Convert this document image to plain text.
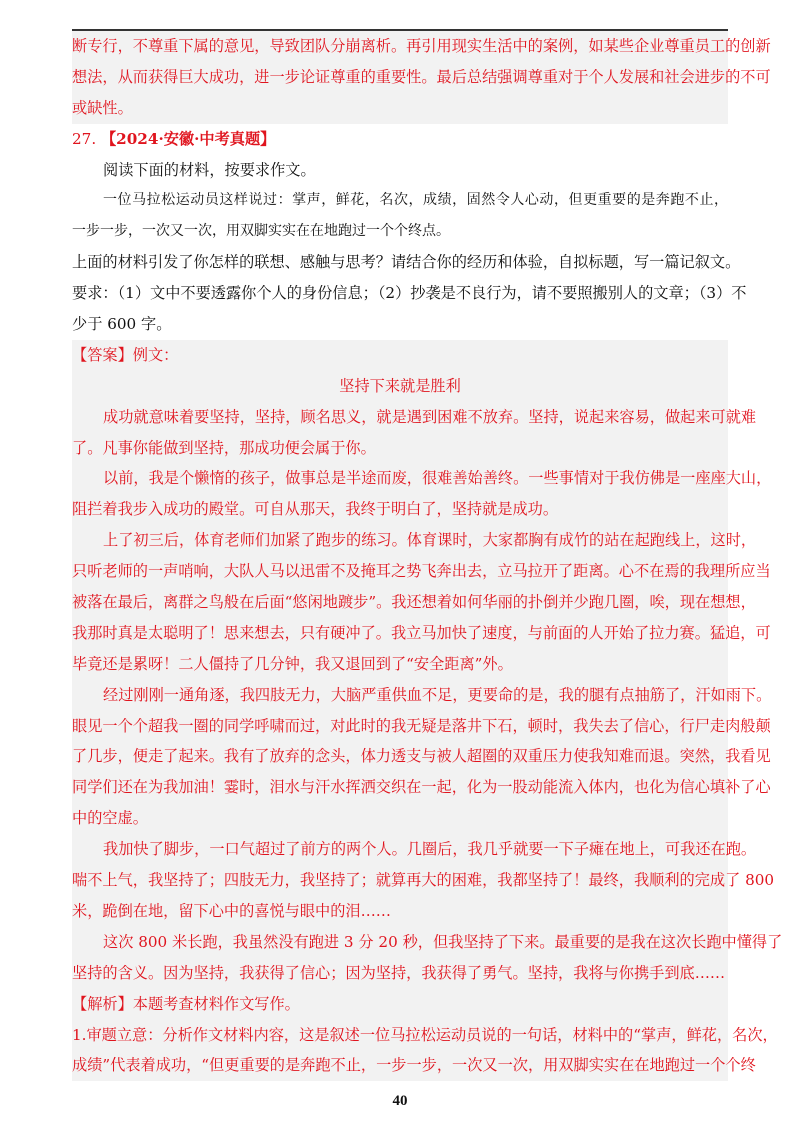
断专行，不尊重下属的意见，导致团队分崩离析。再引用现实生活中的案例，如某些企业尊重员工的创新
想法，从而获得巨大成功，进一步论证尊重的重要性。最后总结强调尊重对于个人发展和社会进步的不可
或缺性。
27. 【2024·安徽·中考真题】
阅读下面的材料，按要求作文。
一位马拉松运动员这样说过：掌声，鲜花，名次，成绩，固然令人心动，但更重要的是奔跑不止，
一步一步，一次又一次，用双脚实实在在地跑过一个个终点。
上面的材料引发了你怎样的联想、感触与思考？请结合你的经历和体验，自拟标题，写一篇记叙文。
要求：（1）文中不要透露你个人的身份信息；（2）抄袭是不良行为，请不要照搬别人的文章；（3）不
少于 600 字。
【答案】例文：
坚持下来就是胜利
成功就意味着要坚持，坚持，顾名思义，就是遇到困难不放弃。坚持，说起来容易，做起来可就难
了。凡事你能做到坚持，那成功便会属于你。
以前，我是个懒惰的孩子，做事总是半途而废，很难善始善终。一些事情对于我仿佛是一座座大山，
阻拦着我步入成功的殿堂。可自从那天，我终于明白了，坚持就是成功。
上了初三后，体育老师们加紧了跑步的练习。体育课时，大家都胸有成竹的站在起跑线上，这时，
只听老师的一声哨响，大队人马以迅雷不及掩耳之势飞奔出去，立马拉开了距离。心不在焉的我理所应当
被落在最后，离群之鸟般在后面“悠闲地踱步”。我还想着如何华丽的扑倒并少跑几圈，唉，现在想想，
我那时真是太聪明了！思来想去，只有硬冲了。我立马加快了速度，与前面的人开始了拉力赛。猛追，可
毕竟还是累呀！二人僵持了几分钟，我又退回到了“安全距离”外。
经过刚刚一通角逐，我四肢无力，大脑严重供血不足，更要命的是，我的腿有点抽筋了，汗如雨下。
眼见一个个超我一圈的同学呼啸而过，对此时的我无疑是落井下石，顿时，我失去了信心，行尸走肉般颠
了几步，便走了起来。我有了放弃的念头，体力透支与被人超圈的双重压力使我知难而退。突然，我看见
同学们还在为我加油！霎时，泪水与汗水挥洒交织在一起，化为一股动能流入体内，也化为信心填补了心
中的空虚。
我加快了脚步，一口气超过了前方的两个人。几圈后，我几乎就要一下子瘫在地上，可我还在跑。
喘不上气，我坚持了；四肢无力，我坚持了；就算再大的困难，我都坚持了！最终，我顺利的完成了 800
米，跪倒在地，留下心中的喜悦与眼中的泪……
这次 800 米长跑，我虽然没有跑进 3 分 20 秒，但我坚持了下来。最重要的是我在这次长跑中懂得了
坚持的含义。因为坚持，我获得了信心；因为坚持，我获得了勇气。坚持，我将与你携手到底……
【解析】本题考查材料作文写作。
1.审题立意：分析作文材料内容，这是叙述一位马拉松运动员说的一句话，材料中的“掌声，鲜花，名次，
成绩”代表着成功，“但更重要的是奔跑不止，一步一步，一次又一次，用双脚实实在在地跑过一个个终
40
